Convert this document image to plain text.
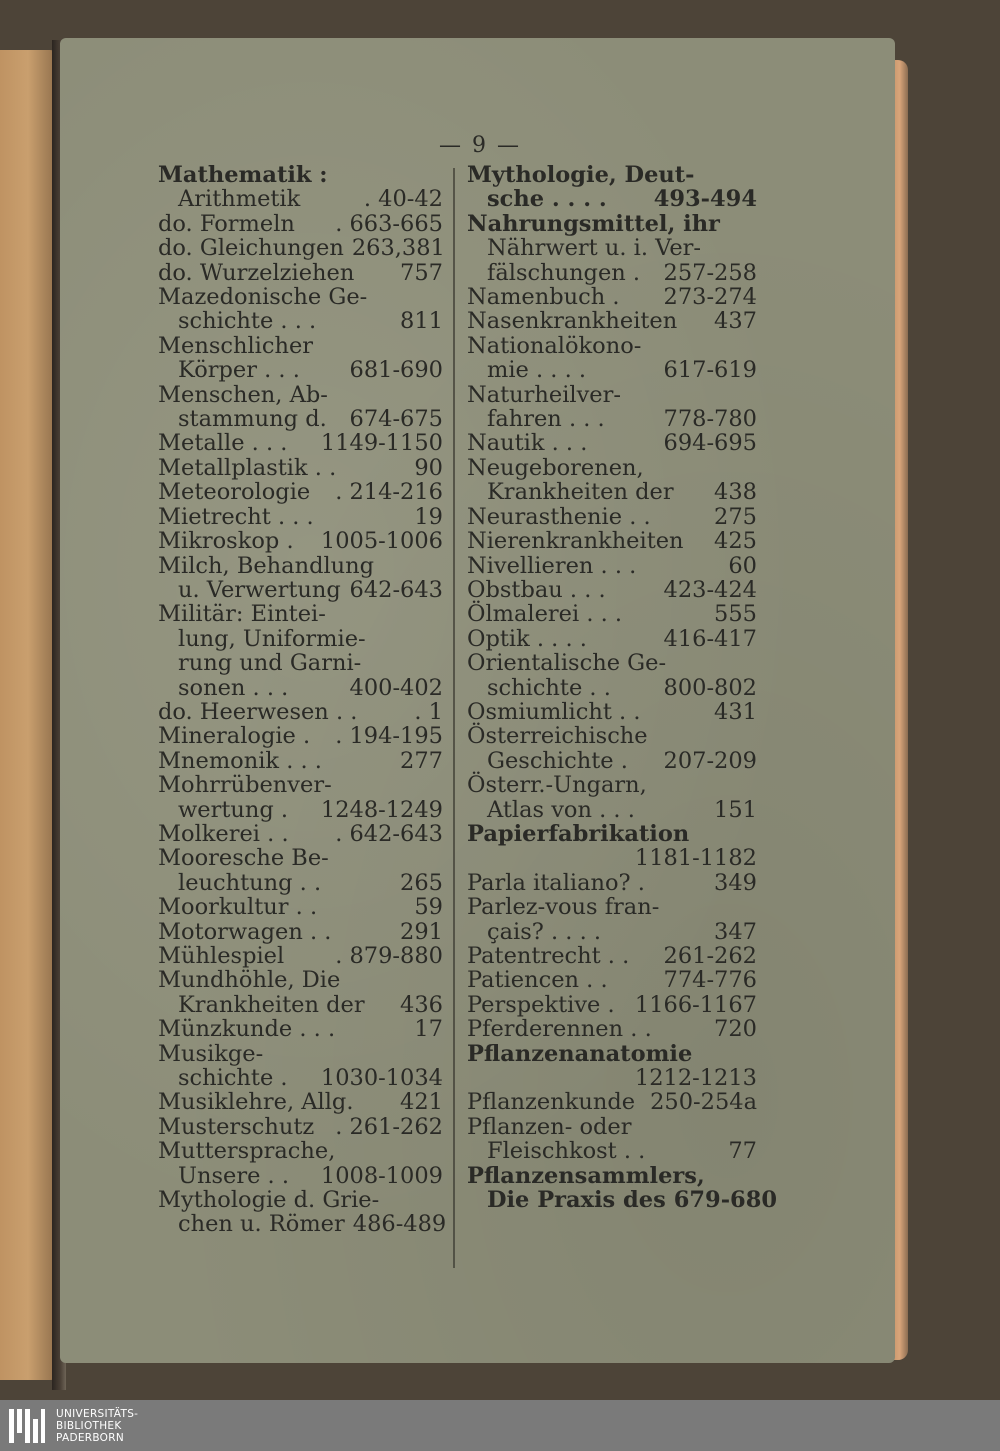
— 9 —
Mathematik :
Arithmetik	. 40-42
do. Formeln . 663-665
do. Gleichungen 263,381
do. Wurzelziehen 757
Mazedonische Ge-
schichte . . .	811
Menschlicher
Körper . . . 681-690
Menschen, Ab-
stammung d. 674-675
Metalle . . . 1149-1150
Metallplastik . .	90
Meteorologie . 214-216
Mietrecht . . .	19
Mikroskop . 1005-1006
Milch, Behandlung
u. Verwertung 642-643
Militär: Eintei-
lung, Uniformie-
rung und Garni-
sonen . . .	400-402
do. Heerwesen . .	. 1
Mineralogie . . 194-195
Mnemonik . . .	277
Mohrrübenver-
wertung . 1248-1249
Molkerei . . . 642-643
Mooresche Be-
leuchtung . .	265
Moorkultur . .	59
Motorwagen . .	291
Mühlespiel . 879-880
Mundhöhle, Die
Krankheiten der 436
Münzkunde . . .	17
Musikge-
schichte . 1030-1034
Musiklehre, Allg. 421
Musterschutz . 261-262
Muttersprache,
Unsere . . 1008-1009
Mythologie d. Grie-
chen u. Römer 486-489
Mythologie, Deut-
sche . . . . 493-494
Nahrungsmittel, ihr
Nährwert u. i. Ver-
fälschungen . 257-258
Namenbuch . 273-274
Nasenkrankheiten 437
Nationalökono-
mie . . . .	617-619
Naturheilver-
fahren . . .	778-780
Nautik . . .	694-695
Neugeborenen,
Krankheiten der 438
Neurasthenie . .	275
Nierenkrankheiten 425
Nivellieren . . .	60
Obstbau . . .	423-424
Ölmalerei . . .	555
Optik . . . .	416-417
Orientalische Ge-
schichte . . 800-802
Osmiumlicht . .	431
Österreichische
Geschichte . 207-209
Österr.-Ungarn,
Atlas von . . .	151
Papierfabrikation
1181-1182
Parla italiano? .	349
Parlez-vous fran-
çais? . . . .	347
Patentrecht . . 261-262
Patiencen . . 774-776
Perspektive . 1166-1167
Pferderennen . .	720
Pflanzenanatomie
1212-1213
Pflanzenkunde 250-254a
Pflanzen- oder
Fleischkost . .	77
Pflanzensammlers,
Die Praxis des 679-680
UNIVERSITÄTS-
BIBLIOTHEK
PADERBORN
